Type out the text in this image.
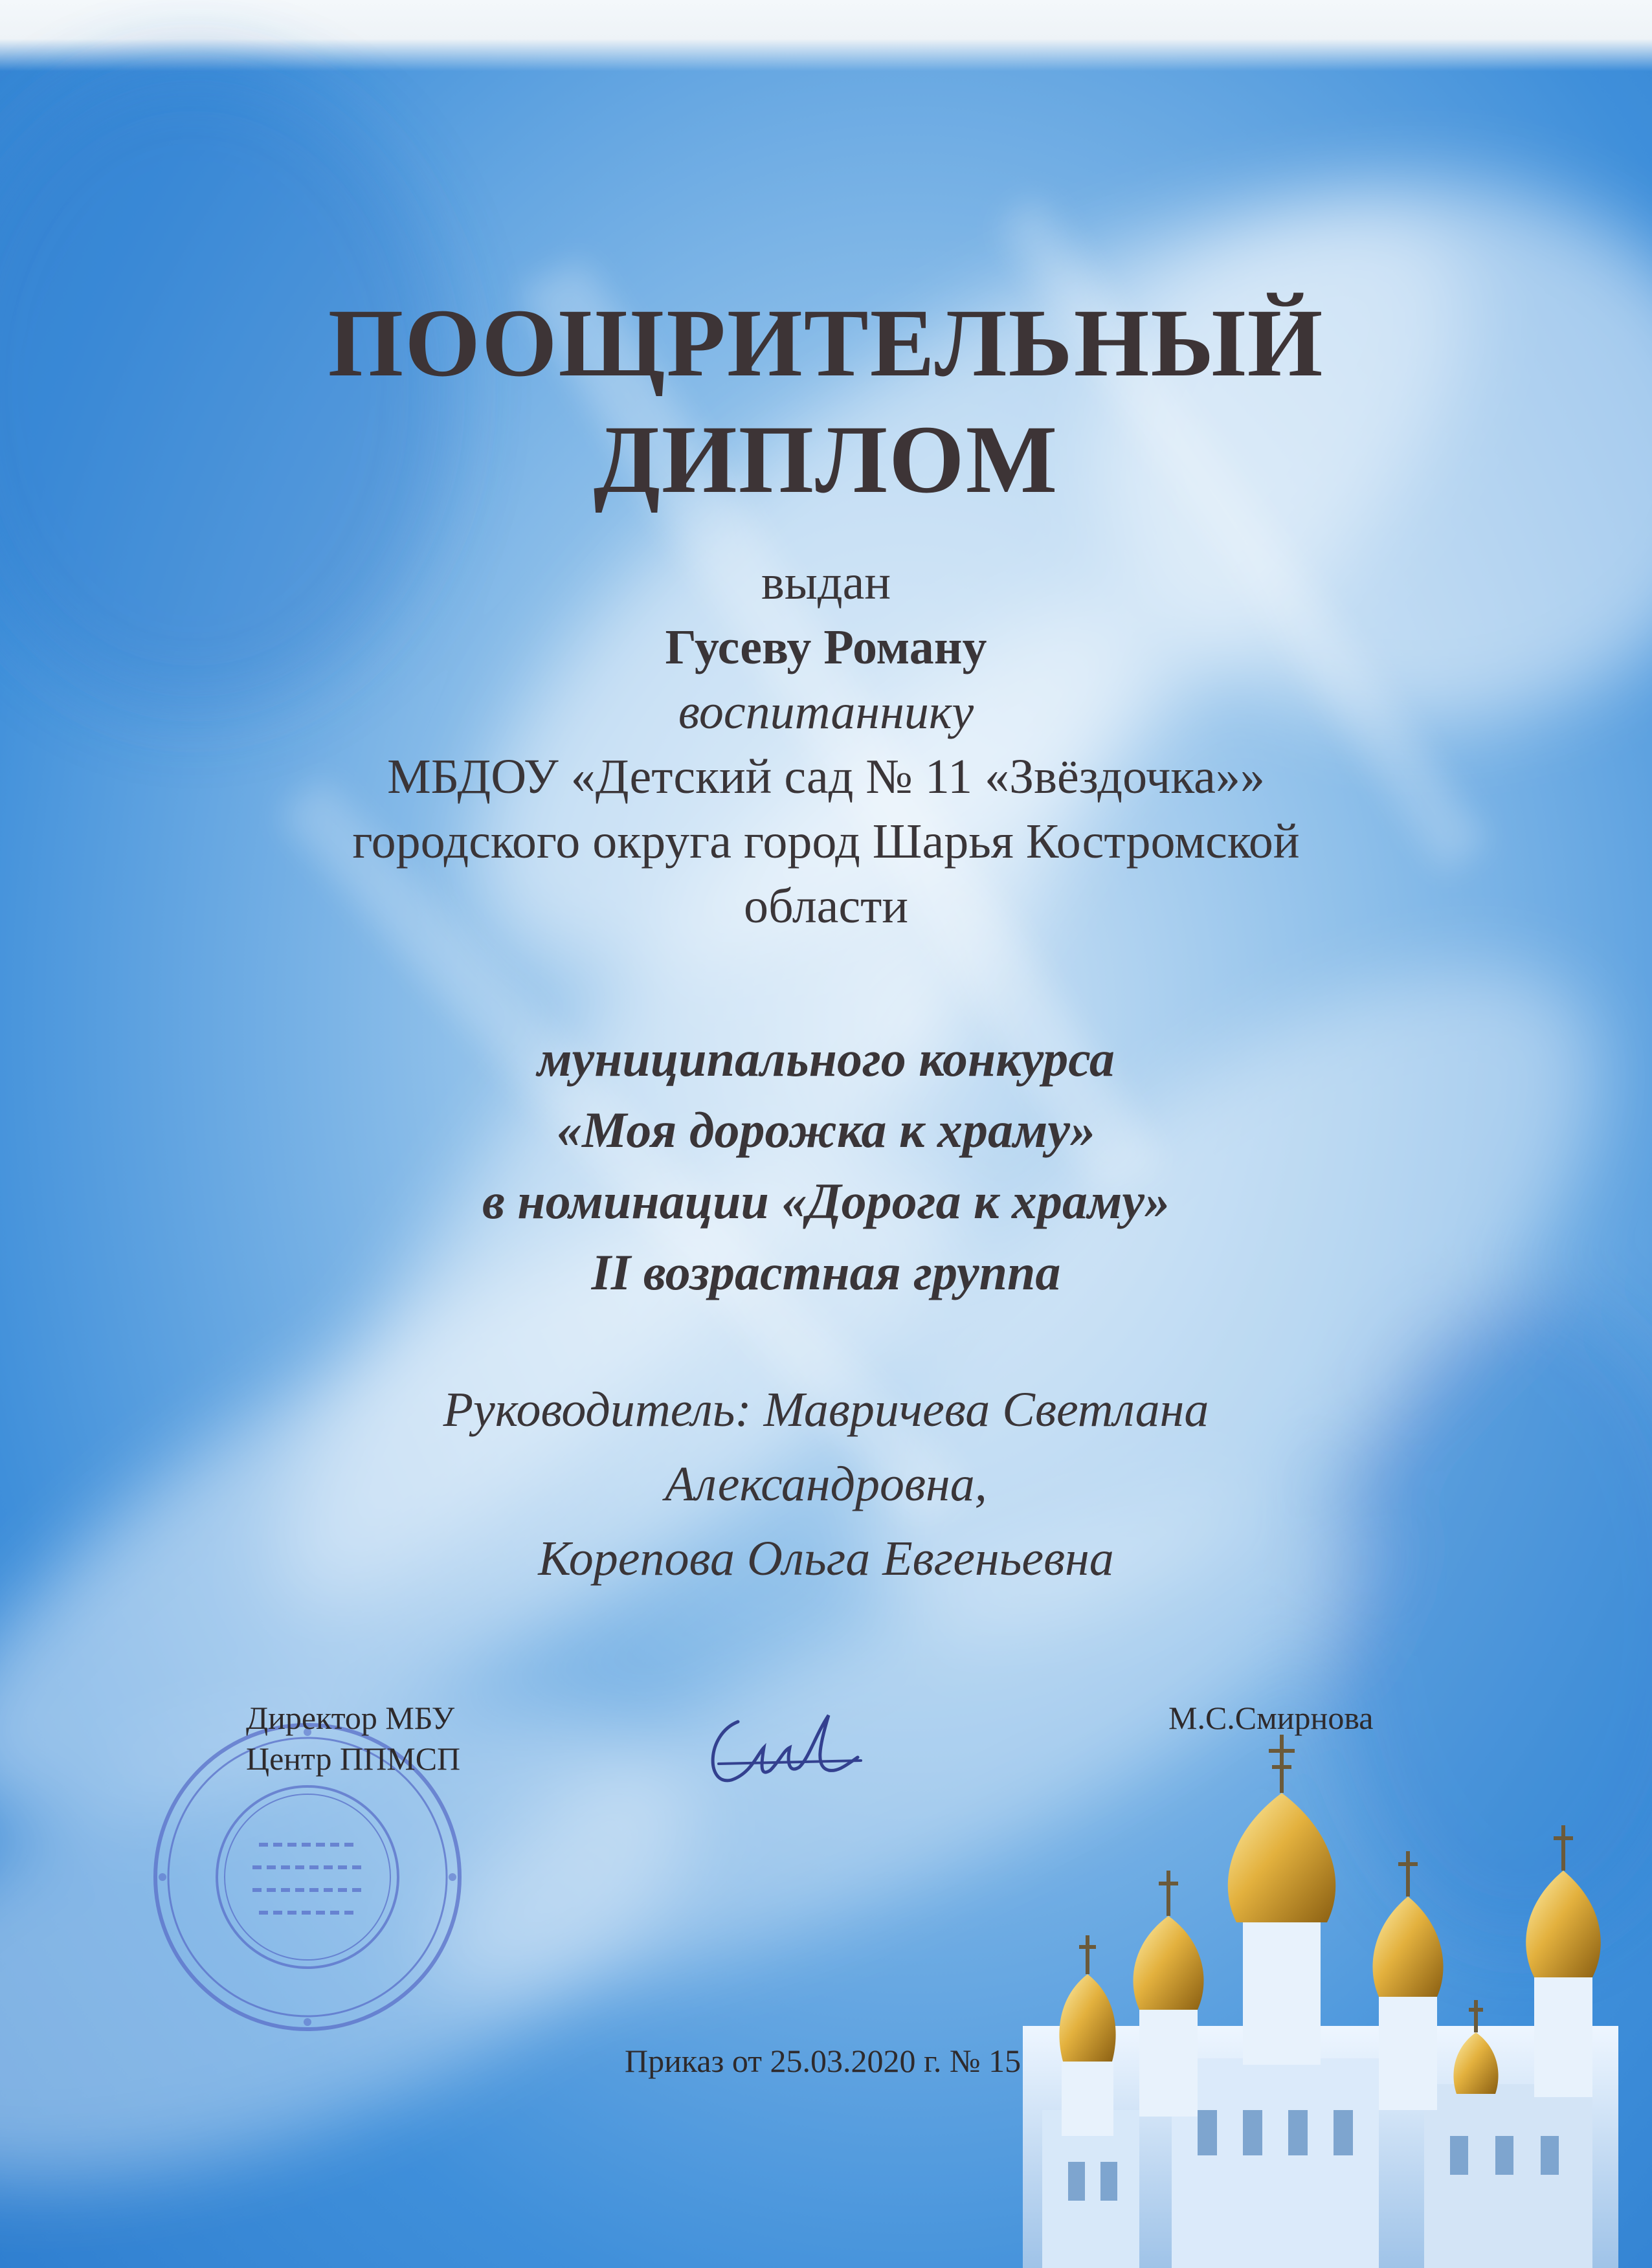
ПООЩРИТЕЛЬНЫЙ
ДИПЛОМ
выдан
Гусеву Роману
воспитаннику
МБДОУ «Детский сад № 11 «Звёздочка»»
городского округа город Шарья Костромской
области
муниципального конкурса
«Моя дорожка к храму»
в номинации «Дорога к храму»
II возрастная группа
Руководитель: Мавричева Светлана
Александровна,
Корепова Ольга Евгеньевна
Директор МБУ
Центр ППМСП
М.С.Смирнова
Приказ от 25.03.2020 г. № 15
